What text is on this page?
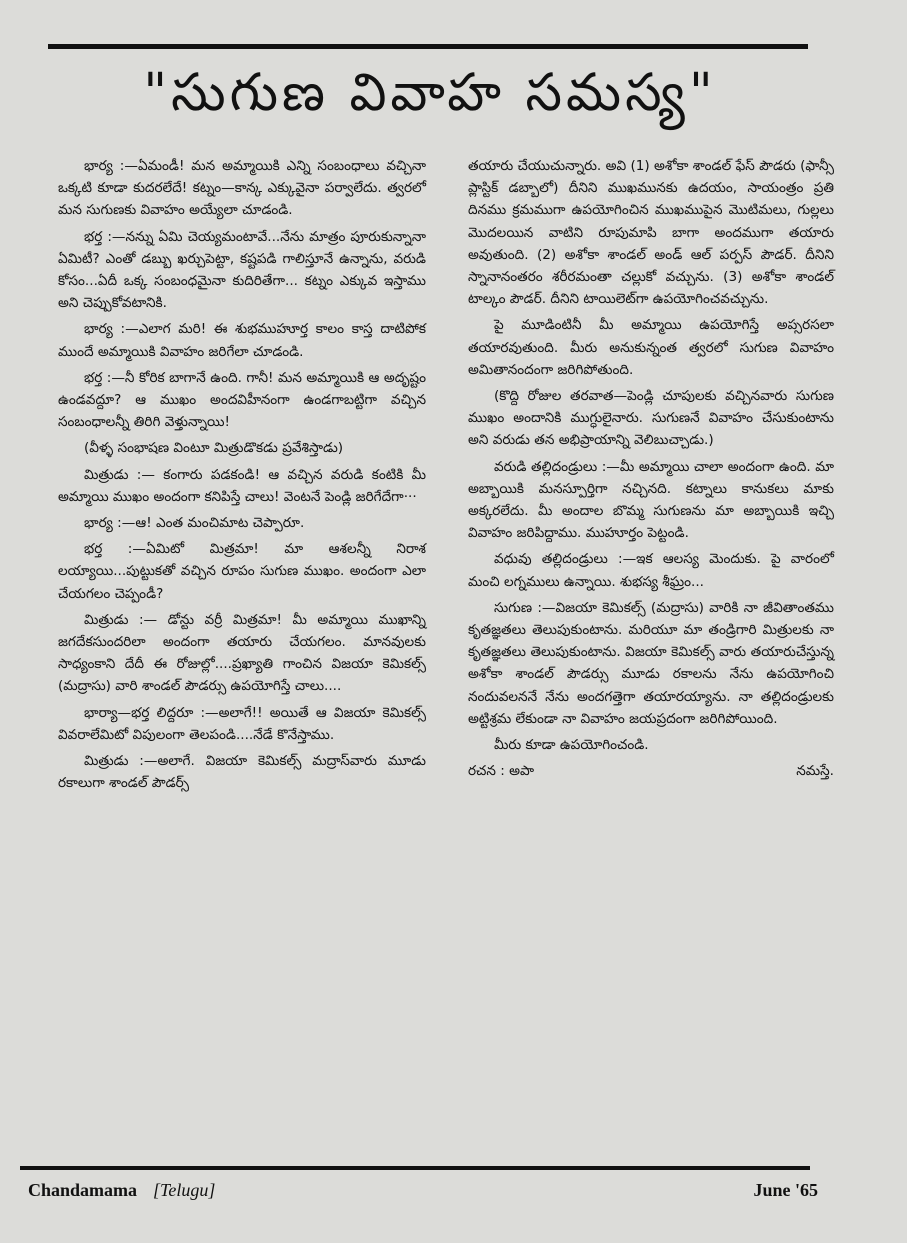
"సుగుణ వివాహ సమస్య"

భార్య :—ఏమండీ! మన అమ్మాయికి ఎన్ని సంబంధాలు వచ్చినా ఒక్కటి కూడా కుదరలేదే! కట్నం—కాన్క ఎక్కువైనా పర్వాలేదు. త్వరలో మన సుగుణకు వివాహం అయ్యేలా చూడండి.

భర్త :—నన్ను ఏమి చెయ్యమంటావే...నేను మాత్రం పూరుకున్నానా ఏమిటీ? ఎంతో డబ్బు ఖర్చుపెట్టా, కష్టపడి గాలిస్తూనే ఉన్నాను, వరుడి కోసం...ఏదీ ఒక్క సంబంధమైనా కుదిరితేగా... కట్నం ఎక్కువ ఇస్తాము అని చెప్పుకోవటానికి.

భార్య :—ఎలాగ మరి! ఈ శుభముహూర్త కాలం కాస్త దాటిపోక ముందే అమ్మాయికి వివాహం జరిగేలా చూడండి.

భర్త :—నీ కోరిక బాగానే ఉంది. గానీ! మన అమ్మాయికి ఆ అదృష్టం ఉండవద్దూ? ఆ ముఖం అందవిహీనంగా ఉండగాబట్టిగా వచ్చిన సంబంధాలన్నీ తిరిగి వెళ్తున్నాయి!

(వీళ్ళ సంభాషణ వింటూ మిత్రుడొకడు ప్రవేశిస్తాడు)

మిత్రుడు :— కంగారు పడకండి! ఆ వచ్చిన వరుడి కంటికి మీ అమ్మాయి ముఖం అందంగా కనిపిస్తే చాలు! వెంటనే పెండ్లి జరిగేదేగా···

భార్య :—ఆ! ఎంత మంచిమాట చెప్పారూ.

భర్త :—ఏమిటో మిత్రమా! మా ఆశలన్నీ నిరాశ లయ్యాయి...పుట్టుకతో వచ్చిన రూపం సుగుణ ముఖం. అందంగా ఎలా చేయగలం చెప్పండీ?

మిత్రుడు :— డోన్టు వర్రీ మిత్రమా! మీ అమ్మాయి ముఖాన్ని జగదేకసుందరిలా అందంగా తయారు చేయగలం. మానవులకు సాధ్యంకాని దేదీ ఈ రోజుల్లో....ప్రఖ్యాతి గాంచిన విజయా కెమికల్స్ (మద్రాసు) వారి శాండల్ పౌడర్సు ఉపయోగిస్తే చాలు....

భార్యా—భర్త లిద్దరూ :—అలాగే!! అయితే ఆ విజయా కెమికల్స్ వివరాలేమిటో విపులంగా తెలపండి....నేడే కొనేస్తాము.

మిత్రుడు :—అలాగే. విజయా కెమికల్స్ మద్రాస్‌వారు మూడు రకాలుగా శాండల్ పౌడర్స్

తయారు చేయుచున్నారు. అవి (1) అశోకా శాండల్ ఫేస్ పౌడరు (ఫాన్సీ ప్లాస్టిక్ డబ్బాలో) దీనిని ముఖమునకు ఉదయం, సాయంత్రం ప్రతి దినము క్రమముగా ఉపయోగించిన ముఖముపైన మొటిమలు, గుల్లలు మొదలయిన వాటిని రూపుమాపి బాగా అందముగా తయారు అవుతుంది. (2) అశోకా శాండల్ అండ్ ఆల్ పర్పస్ పౌడర్. దీనిని స్నానానంతరం శరీరమంతా చల్లుకో వచ్చును. (3) అశోకా శాండల్ టాల్కం పౌడర్. దీనిని టాయిలెట్‌గా ఉపయోగించవచ్చును.

పై మూడింటినీ మీ అమ్మాయి ఉపయోగిస్తే అప్సరసలా తయారవుతుంది. మీరు అనుకున్నంత త్వరలో సుగుణ వివాహం అమితానందంగా జరిగిపోతుంది.

(కొద్ది రోజుల తరవాత—పెండ్లి చూపులకు వచ్చినవారు సుగుణ ముఖం అందానికి ముగ్ధులైనారు. సుగుణనే వివాహం చేసుకుంటాను అని వరుడు తన అభిప్రాయాన్ని వెలిబుచ్చాడు.)

వరుడి తల్లిదండ్రులు :—మీ అమ్మాయి చాలా అందంగా ఉంది. మా అబ్బాయికి మనస్పూర్తిగా నచ్చినది. కట్నాలు కానుకలు మాకు అక్కరలేదు. మీ అందాల బొమ్మ సుగుణను మా అబ్బాయికి ఇచ్చి వివాహం జరిపిద్దాము. ముహూర్తం పెట్టండి.

వధువు తల్లిదండ్రులు :—ఇక ఆలస్య మెందుకు. పై వారంలో మంచి లగ్నములు ఉన్నాయి. శుభస్య శీఘ్రం...

సుగుణ :—విజయా కెమికల్స్ (మద్రాసు) వారికి నా జీవితాంతము కృతజ్ఞతలు తెలుపుకుంటాను. మరియూ మా తండ్రిగారి మిత్రులకు నా కృతజ్ఞతలు తెలుపుకుంటాను. విజయా కెమికల్స్ వారు తయారుచేస్తున్న అశోకా శాండల్ పౌడర్సు మూడు రకాలను నేను ఉపయోగించి నందువలననే నేను అందగత్తెగా తయారయ్యాను. నా తల్లిదండ్రులకు అట్టిశ్రమ లేకుండా నా వివాహం జయప్రదంగా జరిగిపోయింది.

మీరు కూడా ఉపయోగించండి.

రచన : అపా	నమస్తే.
Chandamama [Telugu]	June '65
